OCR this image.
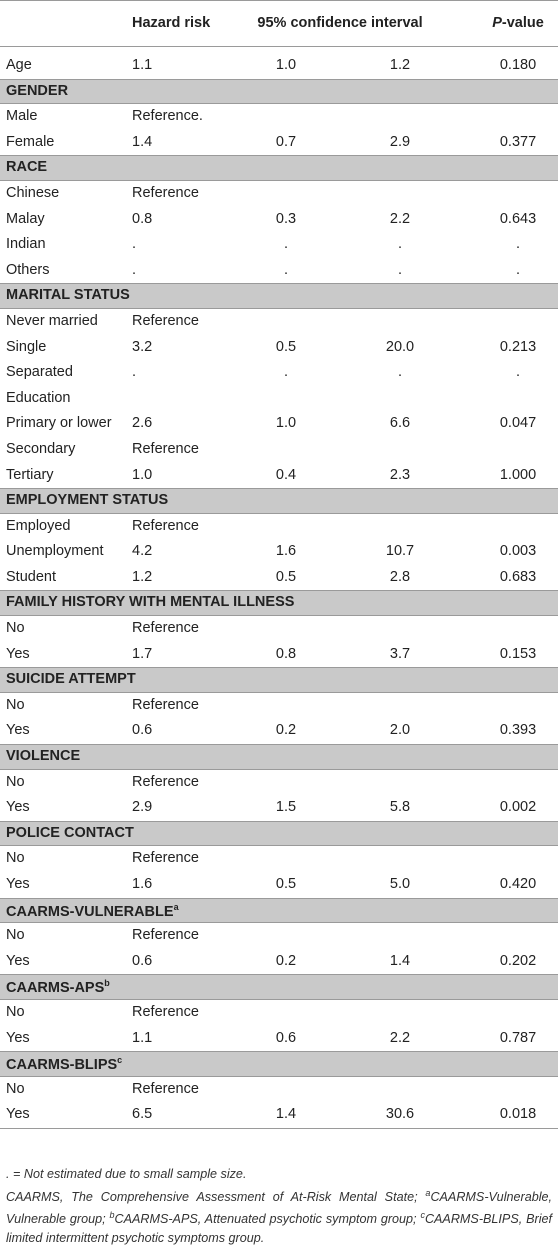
Hazard risk	95% confidence interval	P-value
Age	1.1	1.0	1.2	0.180
GENDER
Male	Reference.
Female	1.4	0.7	2.9	0.377
RACE
Chinese	Reference
Malay	0.8	0.3	2.2	0.643
Indian	.	.	.	.
Others	.	.	.	.
MARITAL STATUS
Never married Reference
Single	3.2	0.5	20.0	0.213
Separated	.	.	.	.
Education
Primary or lower 2.6	1.0	6.6	0.047
Secondary	Reference
Tertiary	1.0	0.4	2.3	1.000
EMPLOYMENT STATUS
Employed	Reference
Unemployment 4.2	1.6	10.7	0.003
Student	1.2	0.5	2.8	0.683
FAMILY HISTORY WITH MENTAL ILLNESS
No	Reference
Yes	1.7	0.8	3.7	0.153
SUICIDE ATTEMPT
No	Reference
Yes	0.6	0.2	2.0	0.393
VIOLENCE
No	Reference
Yes	2.9	1.5	5.8	0.002
POLICE CONTACT
No	Reference
Yes	1.6	0.5	5.0	0.420
CAARMS-VULNERABLE$^a$
No	Reference
Yes	0.6	0.2	1.4	0.202
CAARMS-APS$^b$
No	Reference
Yes	1.1	0.6	2.2	0.787
CAARMS-BLIPS$^c$
No	Reference
Yes	6.5	1.4	30.6	0.018

. = Not estimated due to small sample size.

CAARMS, The Comprehensive Assessment of At-Risk Mental State; $^a$CAARMS-Vulnerable, Vulnerable group; $^b$CAARMS-APS, Attenuated psychotic symptom group; $^c$CAARMS-BLIPS, Brief limited intermittent psychotic symptoms group.
